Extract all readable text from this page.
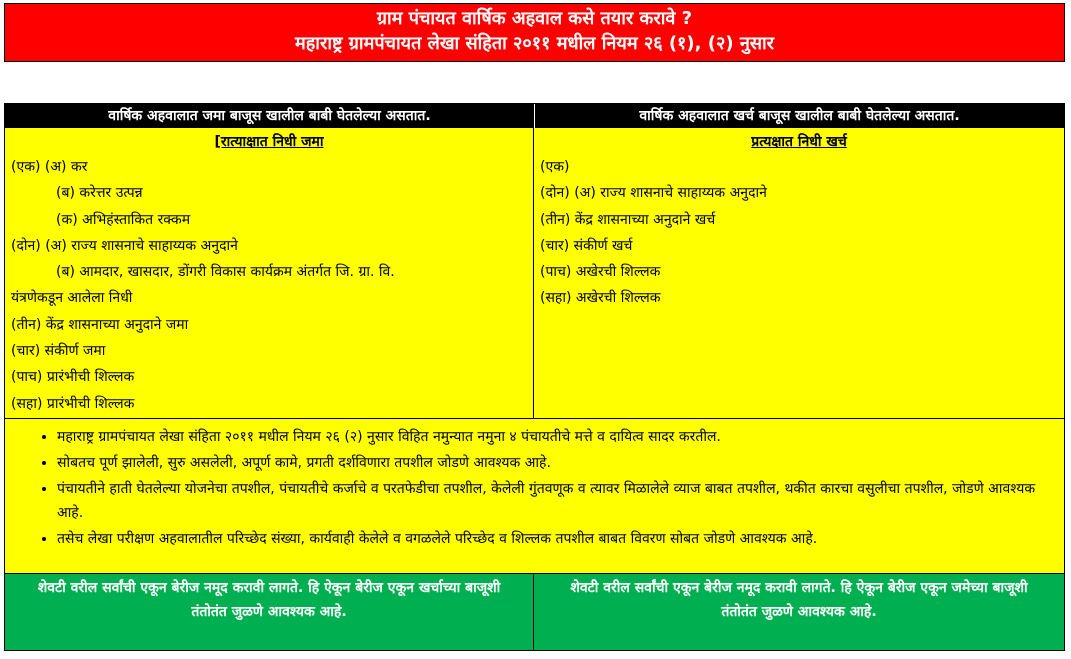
ग्राम पंचायत वार्षिक अहवाल कसे तयार करावे ?
महाराष्ट्र ग्रामपंचायत लेखा संहिता २०११ मधील नियम २६ (१), (२) नुसार
वार्षिक अहवालात जमा बाजूस खालील बाबी घेतलेल्या असतात.	वार्षिक अहवालात खर्च बाजूस खालील बाबी घेतलेल्या असतात.
[रात्याक्षात निधी जमा
(एक) (अ) कर
(ब) करेत्तर उत्पन्न
(क) अभिहंस्ताकित रक्कम
(दोन) (अ) राज्य शासनाचे साहाय्यक अनुदाने
(ब) आमदार, खासदार, डोंगरी विकास कार्यक्रम अंतर्गत जि. ग्रा. वि.
यंत्रणेकडून आलेला निधी
(तीन) केंद्र शासनाच्या अनुदाने जमा
(चार) संकीर्ण जमा
(पाच) प्रारंभीची शिल्लक
(सहा) प्रारंभीची शिल्लक
प्रत्यक्षात निधी खर्च
(एक)
(दोन) (अ) राज्य शासनाचे साहाय्यक अनुदाने
(तीन) केंद्र शासनाच्या अनुदाने खर्च
(चार) संकीर्ण खर्च
(पाच) अखेरची शिल्लक
(सहा) अखेरची शिल्लक
• महाराष्ट्र ग्रामपंचायत लेखा संहिता २०११ मधील नियम २६ (२) नुसार विहित नमुन्यात नमुना ४ पंचायतीचे मत्ते व दायित्व सादर करतील.
• सोबतच पूर्ण झालेली, सुरु असलेली, अपूर्ण कामे, प्रगती दर्शविणारा तपशील जोडणे आवश्यक आहे.
• पंचायतीने हाती घेतलेल्या योजनेचा तपशील, पंचायतीचे कर्जाचे व परतफेडीचा तपशील, केलेली गुंतवणूक व त्यावर मिळालेले व्याज बाबत तपशील, थकीत कारचा वसुलीचा तपशील, जोडणे आवश्यक आहे.
• तसेच लेखा परीक्षण अहवालातील परिच्छेद संख्या, कार्यवाही केलेले व वगळलेले परिच्छेद व शिल्लक तपशील बाबत विवरण सोबत जोडणे आवश्यक आहे.
शेवटी वरील सर्वांची एकून बेरीज नमूद करावी लागते. हि ऐकून बेरीज एकून खर्चाच्या बाजूशी तंतोतंत जुळणे आवश्यक आहे.
शेवटी वरील सर्वांची एकून बेरीज नमूद करावी लागते. हि ऐकून बेरीज एकून जमेच्या बाजूशी तंतोतंत जुळणे आवश्यक आहे.
